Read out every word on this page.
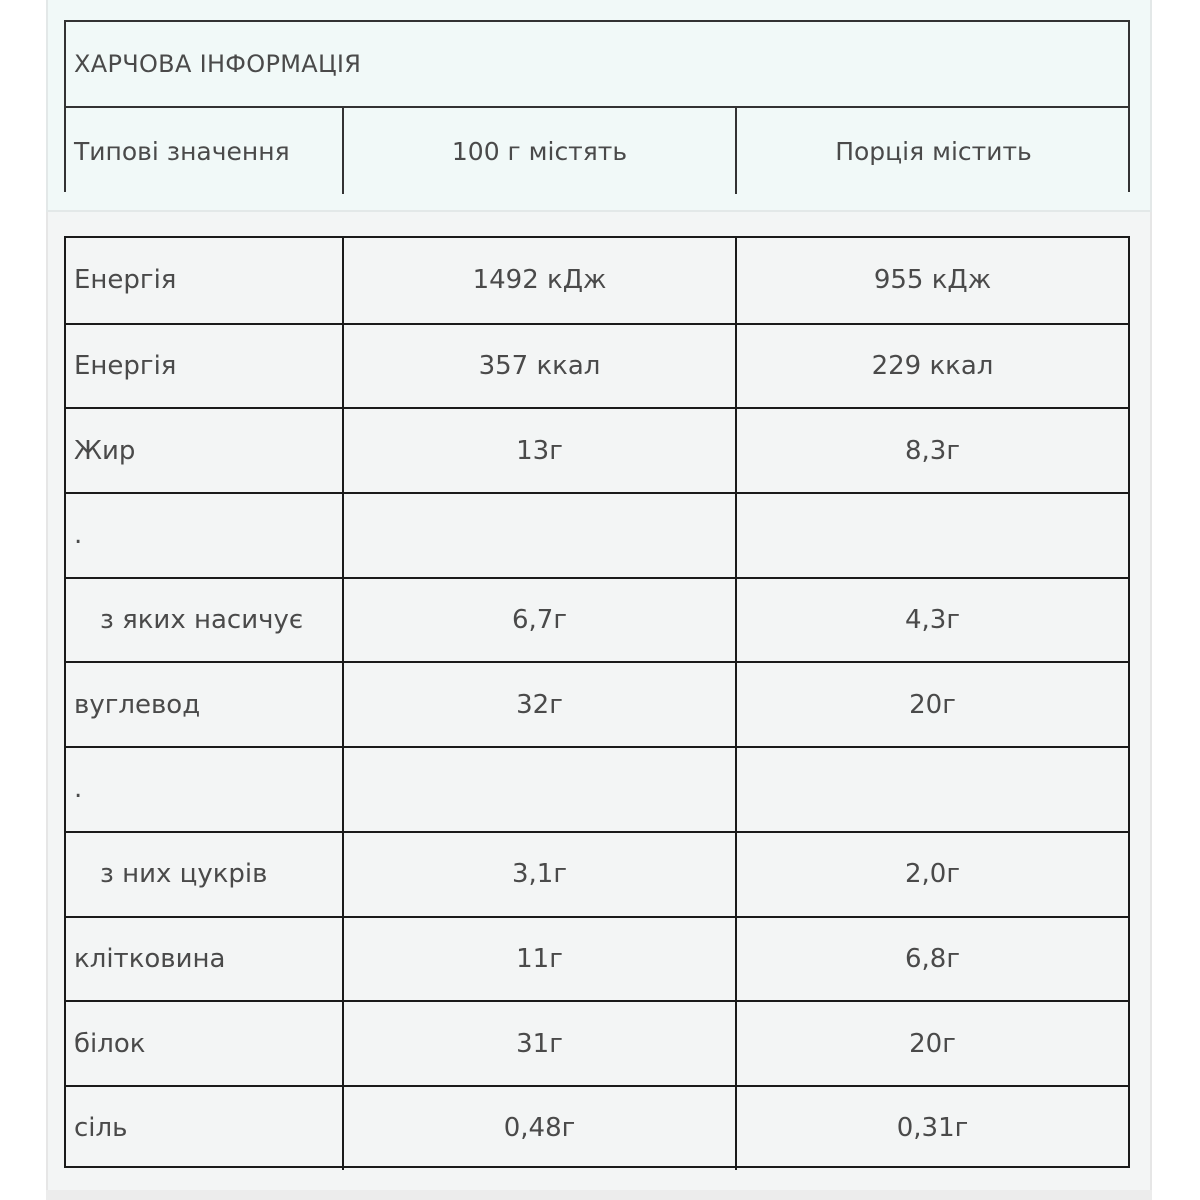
ХАРЧОВА ІНФОРМАЦІЯ
Типові значення	100 г містять	Порція містить
Енергія	1492 кДж	955 кДж
Енергія	357 ккал	229 ккал
Жир	13г	8,3г
.
з яких насичує	6,7г	4,3г
вуглевод	32г	20г
.
з них цукрів	3,1г	2,0г
клітковина	11г	6,8г
білок	31г	20г
сіль	0,48г	0,31г
